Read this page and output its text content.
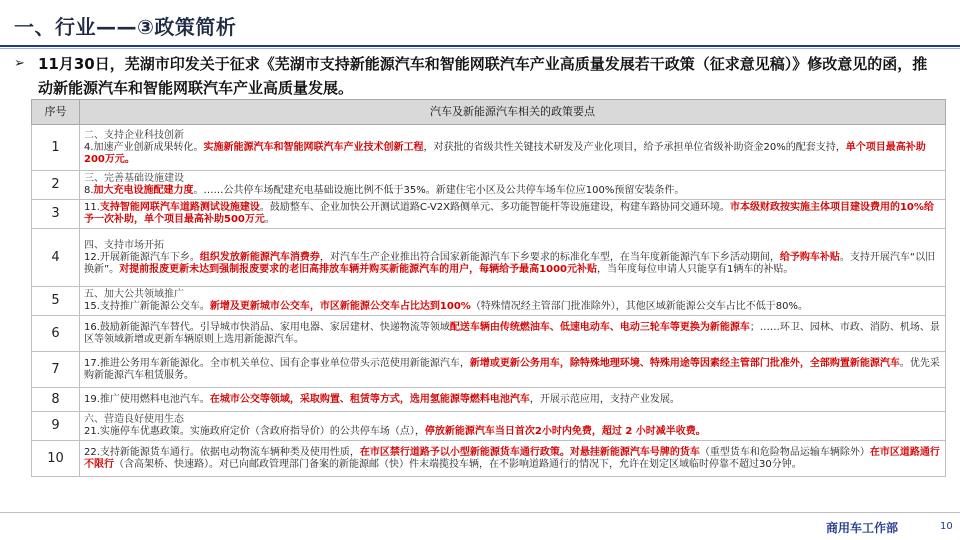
一、行业——③政策简析
➢ 11月30日，芜湖市印发关于征求《芜湖市支持新能源汽车和智能网联汽车产业高质量发展若干政策（征求意见稿）》修改意见的函，推动新能源汽车和智能网联汽车产业高质量发展。
序号	汽车及新能源汽车相关的政策要点
1	二、支持企业科技创新
4.加速产业创新成果转化。实施新能源汽车和智能网联汽车产业技术创新工程，对获批的省级共性关键技术研发及产业化项目，给予承担单位省级补助资金20%的配套支持，单个项目最高补助200万元。
2	三、完善基础设施建设
8.加大充电设施配建力度。……公共停车场配建充电基础设施比例不低于35%。新建住宅小区及公共停车场车位应100%预留安装条件。
3	11.支持智能网联汽车道路测试设施建设。鼓励整车、企业加快公开测试道路C-V2X路侧单元、多功能智能杆等设施建设，构建车路协同交通环境。市本级财政按实施主体项目建设费用的10%给予一次补助，单个项目最高补助500万元。
4	四、支持市场开拓
12.开展新能源汽车下乡。组织发放新能源汽车消费券，对汽车生产企业推出符合国家新能源汽车下乡要求的标准化车型，在当年度新能源汽车下乡活动期间，给予购车补贴。支持开展汽车“以旧换新”。对提前报废更新未达到强制报废要求的老旧高排放车辆并购买新能源汽车的用户，每辆给予最高1000元补贴，当年度每位申请人只能享有1辆车的补贴。
5	五、加大公共领域推广
15.支持推广新能源公交车。新增及更新城市公交车，市区新能源公交车占比达到100%（特殊情况经主管部门批准除外），其他区域新能源公交车占比不低于80%。
6	16.鼓励新能源汽车替代。引导城市快消品、家用电器、家居建材、快递物流等领域配送车辆由传统燃油车、低速电动车、电动三轮车等更换为新能源车；……环卫、园林、市政、消防、机场、景区等领域新增或更新车辆原则上选用新能源汽车。
7	17.推进公务用车新能源化。全市机关单位、国有企事业单位带头示范使用新能源汽车，新增或更新公务用车，除特殊地理环境、特殊用途等因素经主管部门批准外，全部购置新能源汽车。优先采购新能源汽车租赁服务。
8	19.推广使用燃料电池汽车。在城市公交等领域，采取购置、租赁等方式，选用氢能源等燃料电池汽车，开展示范应用，支持产业发展。
9	六、营造良好使用生态
21.实施停车优惠政策。实施政府定价（含政府指导价）的公共停车场（点），停放新能源汽车当日首次2小时内免费，超过 2 小时减半收费。
10	22.支持新能源货车通行。依据电动物流车辆种类及使用性质，在市区禁行道路予以小型新能源货车通行政策。对悬挂新能源汽车号牌的货车（重型货车和危险物品运输车辆除外）在市区道路通行不限行（含高架桥、快速路）。对已向邮政管理部门备案的新能源邮（快）件末端揽投车辆，在不影响道路通行的情况下，允许在划定区域临时停靠不超过30分钟。
商用车工作部	10
